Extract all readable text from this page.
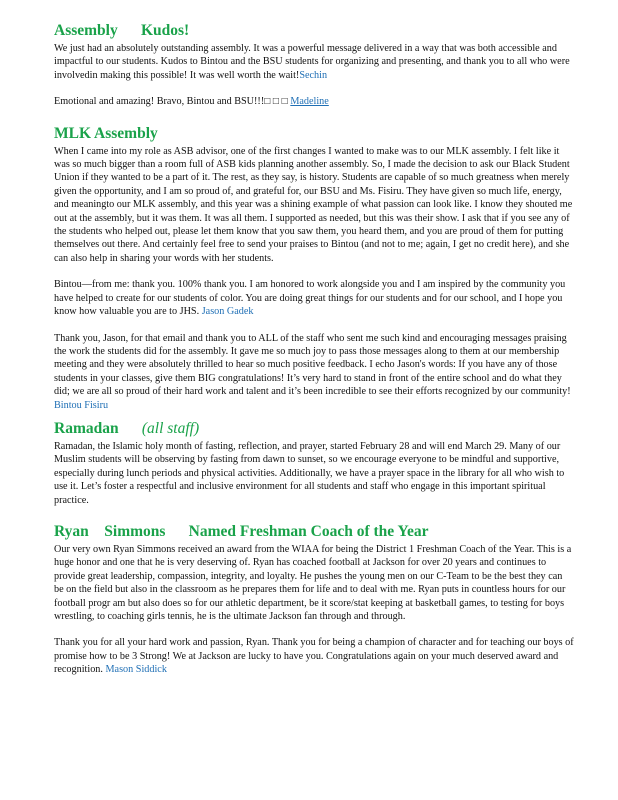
Assembly      Kudos!

We just had an absolutely outstanding assembly. It was a powerful message delivered in a way that was both accessible and impactful to our students. Kudos to Bintou and the BSU students for organizing and presenting, and thank you to all who were involvedin making this possible! It was well worth the wait!Sechin

Emotional and amazing! Bravo, Bintou and BSU!!!□ □ □ Madeline

MLK Assembly

When I came into my role as ASB advisor, one of the first changes I wanted to make was to our MLK assembly. I felt like it was so much bigger than a room full of ASB kids planning another assembly. So, I made the decision to ask our Black Student Union if they wanted to be a part of it. The rest, as they say, is history. Students are capable of so much greatness when merely given the opportunity, and I am so proud of, and grateful for, our BSU and Ms. Fisiru. They have given so much life, energy, and meaningto our MLK assembly, and this year was a shining example of what passion can look like. I know they shouted me out at the assembly, but it was them. It was all them. I supported as needed, but this was their show. I ask that if you see any of the students who helped out, please let them know that you saw them, you heard them, and you are proud of them for putting themselves out there. And certainly feel free to send your praises to Bintou (and not to me; again, I get no credit here), and she can also help in sharing your words with her students.

Bintou—from me: thank you. 100% thank you. I am honored to work alongside you and I am inspired by the community you have helped to create for our students of color. You are doing great things for our students and for our school, and I hope you know how valuable you are to JHS. Jason Gadek

Thank you, Jason, for that email and thank you to ALL of the staff who sent me such kind and encouraging messages praising the work the students did for the assembly. It gave me so much joy to pass those messages along to them at our membership meeting and they were absolutely thrilled to hear so much positive feedback. I echo Jason's words: If you have any of those students in your classes, give them BIG congratulations! It’s very hard to stand in front of the entire school and do what they did; we are all so proud of their hard work and talent and it’s been incredible to see their efforts recognized by our community!

Bintou Fisiru

Ramadan (all staff)

Ramadan, the Islamic holy month of fasting, reflection, and prayer, started February 28 and will end March 29. Many of our Muslim students will be observing by fasting from dawn to sunset, so we encourage everyone to be mindful and supportive, especially during lunch periods and physical activities. Additionally, we have a prayer space in the library for all who wish to use it. Let’s foster a respectful and inclusive environment for all students and staff who engage in this important spiritual practice.

Ryan    Simmons      Named Freshman Coach of the Year

Our very own Ryan Simmons received an award from the WIAA for being the District 1 Freshman Coach of the Year. This is a huge honor and one that he is very deserving of. Ryan has coached football at Jackson for over 20 years and continues to provide great leadership, compassion, integrity, and loyalty. He pushes the young men on our C-Team to be the best they can be on the field but also in the classroom as he prepares them for life and to deal with me. Ryan puts in countless hours for our football progr am but also does so for our athletic department, be it score/stat keeping at basketball games, to testing for boys wrestling, to coaching girls tennis, he is the ultimate Jackson fan through and through.

Thank you for all your hard work and passion, Ryan. Thank you for being a champion of character and for teaching our boys of promise how to be 3 Strong! We at Jackson are lucky to have you. Congratulations again on your much deserved award and recognition. Mason Siddick
